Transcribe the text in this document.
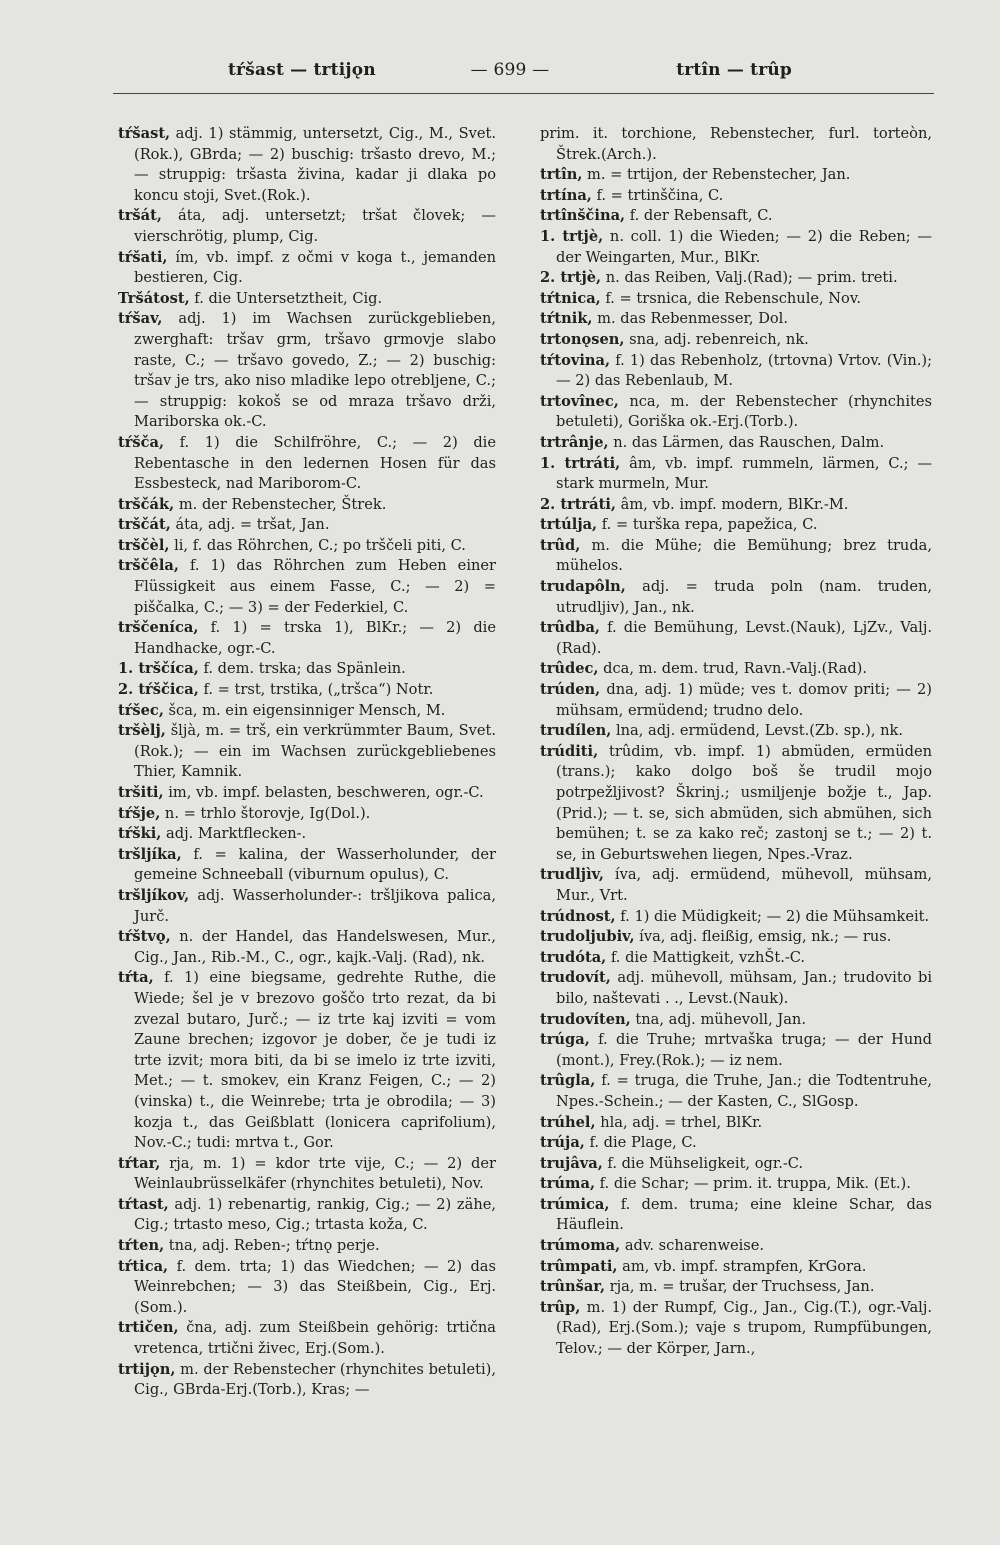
tŕšast — trtijǫn	— 699 —	trtîn — trûp

tŕšast, adj. 1) stämmig, untersetzt, Cig., M., Svet.(Rok.), GBrda; — 2) buschig: tršasto drevo, M.; — struppig: tršasta živina, kadar ji dlaka po koncu stoji, Svet.(Rok.).

tršát, áta, adj. untersetzt; tršat človek; — vierschrötig, plump, Cig.

tŕšati, ím, vb. impf. z očmi v koga t., jemanden bestieren, Cig.

Tršátost, f. die Untersetztheit, Cig.

tŕšav, adj. 1) im Wachsen zurückgeblieben, zwerghaft: tršav grm, tršavo grmovje slabo raste, C.; — tršavo govedo, Z.; — 2) buschig: tršav je trs, ako niso mladike lepo otrebljene, C.; — struppig: kokoš se od mraza tršavo drži, Mariborska ok.-C.

tŕšča, f. 1) die Schilfröhre, C.; — 2) die Rebentasche in den ledernen Hosen für das Essbesteck, nad Mariborom-C.

trščák, m. der Rebenstecher, Štrek.

trščát, áta, adj. = tršat, Jan.

trščèl, li, f. das Röhrchen, C.; po trščeli piti, C.

trščêla, f. 1) das Röhrchen zum Heben einer Flüssigkeit aus einem Fasse, C.; — 2) = piščalka, C.; — 3) = der Federkiel, C.

trščeníca, f. 1) = trska 1), BlKr.; — 2) die Handhacke, ogr.-C.

1. trščíca, f. dem. trska; das Spänlein.

2. tŕščica, f. = trst, trstika, („tršca“) Notr.

tŕšec, šca, m. ein eigensinniger Mensch, M.

tršèlj, šljà, m. = trš, ein verkrümmter Baum, Svet.(Rok.); — ein im Wachsen zurückgebliebenes Thier, Kamnik.

tršiti, im, vb. impf. belasten, beschweren, ogr.-C.

tŕšje, n. = trhlo štorovje, Ig(Dol.).

tŕški, adj. Marktflecken-.

tršljíka, f. = kalina, der Wasserholunder, der gemeine Schneeball (viburnum opulus), C.

tršljíkov, adj. Wasserholunder-: tršljikova palica, Jurč.

tŕštvǫ, n. der Handel, das Handelswesen, Mur., Cig., Jan., Rib.-M., C., ogr., kajk.-Valj. (Rad), nk.

tŕta, f. 1) eine biegsame, gedrehte Ruthe, die Wiede; šel je v brezovo goščo trto rezat, da bi zvezal butaro, Jurč.; — iz trte kaj izviti = vom Zaune brechen; izgovor je dober, če je tudi iz trte izvit; mora biti, da bi se imelo iz trte izviti, Met.; — t. smokev, ein Kranz Feigen, C.; — 2) (vinska) t., die Weinrebe; trta je obrodila; — 3) kozja t., das Geißblatt (lonicera caprifolium), Nov.-C.; tudi: mrtva t., Gor.

tŕtar, rja, m. 1) = kdor trte vije, C.; — 2) der Weinlaubrüsselkäfer (rhynchites betuleti), Nov.

tŕtast, adj. 1) rebenartig, rankig, Cig.; — 2) zähe, Cig.; trtasto meso, Cig.; trtasta koža, C.

tŕten, tna, adj. Reben-; tŕtnǫ perje.

tŕtica, f. dem. trta; 1) das Wiedchen; — 2) das Weinrebchen; — 3) das Steißbein, Cig., Erj.(Som.).

trtičen, čna, adj. zum Steißbein gehörig: trtična vretenca, trtični živec, Erj.(Som.).

trtijǫn, m. der Rebenstecher (rhynchites betuleti), Cig., GBrda-Erj.(Torb.), Kras; —

prim. it. torchione, Rebenstecher, furl. torteòn, Štrek.(Arch.).

trtîn, m. = trtijon, der Rebenstecher, Jan.

trtína, f. = trtinščina, C.

trtînščina, f. der Rebensaft, C.

1. trtjè, n. coll. 1) die Wieden; — 2) die Reben; — der Weingarten, Mur., BlKr.

2. trtjè, n. das Reiben, Valj.(Rad); — prim. treti.

tŕtnica, f. = trsnica, die Rebenschule, Nov.

tŕtnik, m. das Rebenmesser, Dol.

trtonǫsen, sna, adj. rebenreich, nk.

tŕtovina, f. 1) das Rebenholz, (trtovna) Vrtov. (Vin.); — 2) das Rebenlaub, M.

trtovînec, nca, m. der Rebenstecher (rhynchites betuleti), Goriška ok.-Erj.(Torb.).

trtrânje, n. das Lärmen, das Rauschen, Dalm.

1. trtráti, âm, vb. impf. rummeln, lärmen, C.; — stark murmeln, Mur.

2. trtráti, âm, vb. impf. modern, BlKr.-M.

trtúlja, f. = turška repa, papežica, C.

trûd, m. die Mühe; die Bemühung; brez truda, mühelos.

trudapôln, adj. = truda poln (nam. truden, utrudljiv), Jan., nk.

trûdba, f. die Bemühung, Levst.(Nauk), LjZv., Valj.(Rad).

trûdec, dca, m. dem. trud, Ravn.-Valj.(Rad).

trúden, dna, adj. 1) müde; ves t. domov priti; — 2) mühsam, ermüdend; trudno delo.

trudílen, lna, adj. ermüdend, Levst.(Zb. sp.), nk.

trúditi, trûdim, vb. impf. 1) abmüden, ermüden (trans.); kako dolgo boš še trudil mojo potrpežljivost? Škrinj.; usmiljenje božje t., Jap.(Prid.); — t. se, sich abmüden, sich abmühen, sich bemühen; t. se za kako reč; zastonj se t.; — 2) t. se, in Geburtswehen liegen, Npes.-Vraz.

trudljìv, íva, adj. ermüdend, mühevoll, mühsam, Mur., Vrt.

trúdnost, f. 1) die Müdigkeit; — 2) die Mühsamkeit.

trudoljubiv, íva, adj. fleißig, emsig, nk.; — rus.

trudóta, f. die Mattigkeit, vzhŠt.-C.

trudovít, adj. mühevoll, mühsam, Jan.; trudovito bi bilo, naštevati . ., Levst.(Nauk).

trudovíten, tna, adj. mühevoll, Jan.

trúga, f. die Truhe; mrtvaška truga; — der Hund (mont.), Frey.(Rok.); — iz nem.

trûgla, f. = truga, die Truhe, Jan.; die Todtentruhe, Npes.-Schein.; — der Kasten, C., SlGosp.

trúhel, hla, adj. = trhel, BlKr.

trúja, f. die Plage, C.

trujâva, f. die Mühseligkeit, ogr.-C.

trúma, f. die Schar; — prim. it. truppa, Mik. (Et.).

trúmica, f. dem. truma; eine kleine Schar, das Häuflein.

trúmoma, adv. scharenweise.

trûmpati, am, vb. impf. strampfen, KrGora.

trûnšar, rja, m. = trušar, der Truchsess, Jan.

trûp, m. 1) der Rumpf, Cig., Jan., Cig.(T.), ogr.-Valj.(Rad), Erj.(Som.); vaje s trupom, Rumpfübungen, Telov.; — der Körper, Jarn.,
